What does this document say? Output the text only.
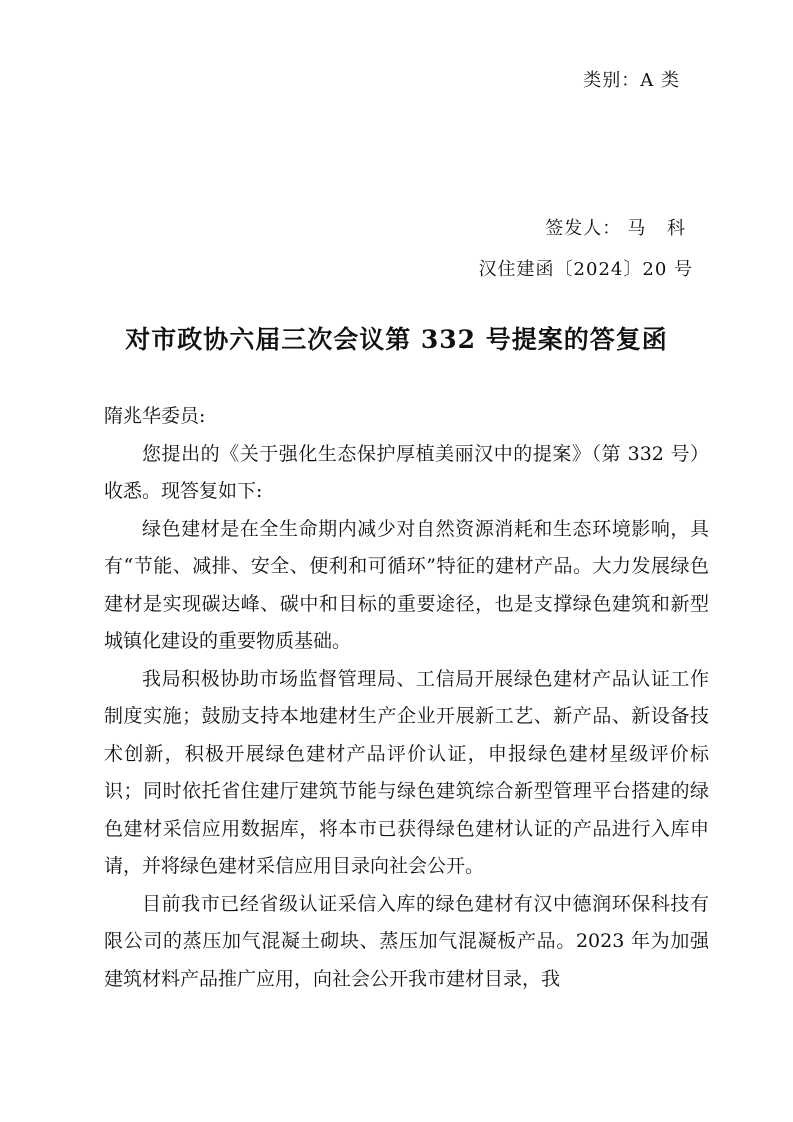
类别：A 类
签发人： 马 科
汉住建函〔2024〕20 号
对市政协六届三次会议第 332 号提案的答复函

隋兆华委员:

您提出的《关于强化生态保护厚植美丽汉中的提案》（第 332 号）收悉。现答复如下:

绿色建材是在全生命期内减少对自然资源消耗和生态环境影响，具有“节能、减排、安全、便利和可循环”特征的建材产品。大力发展绿色建材是实现碳达峰、碳中和目标的重要途径，也是支撑绿色建筑和新型城镇化建设的重要物质基础。

我局积极协助市场监督管理局、工信局开展绿色建材产品认证工作制度实施；鼓励支持本地建材生产企业开展新工艺、新产品、新设备技术创新，积极开展绿色建材产品评价认证，申报绿色建材星级评价标识；同时依托省住建厅建筑节能与绿色建筑综合新型管理平台搭建的绿色建材采信应用数据库，将本市已获得绿色建材认证的产品进行入库申请，并将绿色建材采信应用目录向社会公开。

目前我市已经省级认证采信入库的绿色建材有汉中德润环保科技有限公司的蒸压加气混凝土砌块、蒸压加气混凝板产品。2023 年为加强建筑材料产品推广应用，向社会公开我市建材目录，我
